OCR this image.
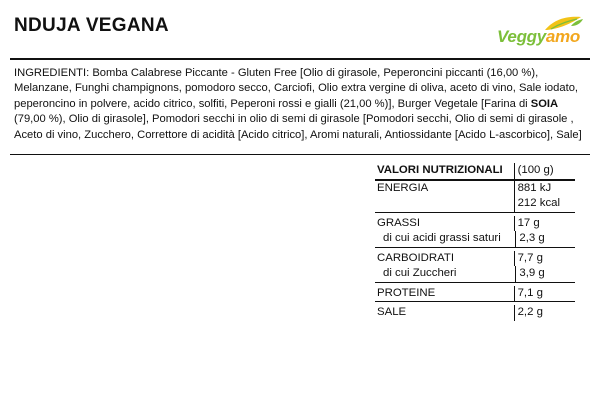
NDUJA VEGANA
Veggyamo
INGREDIENTI: Bomba Calabrese Piccante - Gluten Free [Olio di girasole, Peperoncini piccanti (16,00 %), Melanzane, Funghi champignons, pomodoro secco, Carciofi, Olio extra vergine di oliva, aceto di vino, Sale iodato, peperoncino in polvere, acido citrico, solfiti, Peperoni rossi e gialli (21,00 %)], Burger Vegetale [Farina di SOIA (79,00 %), Olio di girasole], Pomodori secchi in olio di semi di girasole [Pomodori secchi, Olio di semi di girasole , Aceto di vino, Zucchero, Correttore di acidità [Acido citrico], Aromi naturali, Antiossidante [Acido L-ascorbico], Sale]
VALORI NUTRIZIONALI	(100 g)
ENERGIA	881 kJ
212 kcal
GRASSI	17 g
di cui acidi grassi saturi	2,3 g
CARBOIDRATI	7,7 g
di cui Zuccheri	3,9 g
PROTEINE	7,1 g
SALE	2,2 g
